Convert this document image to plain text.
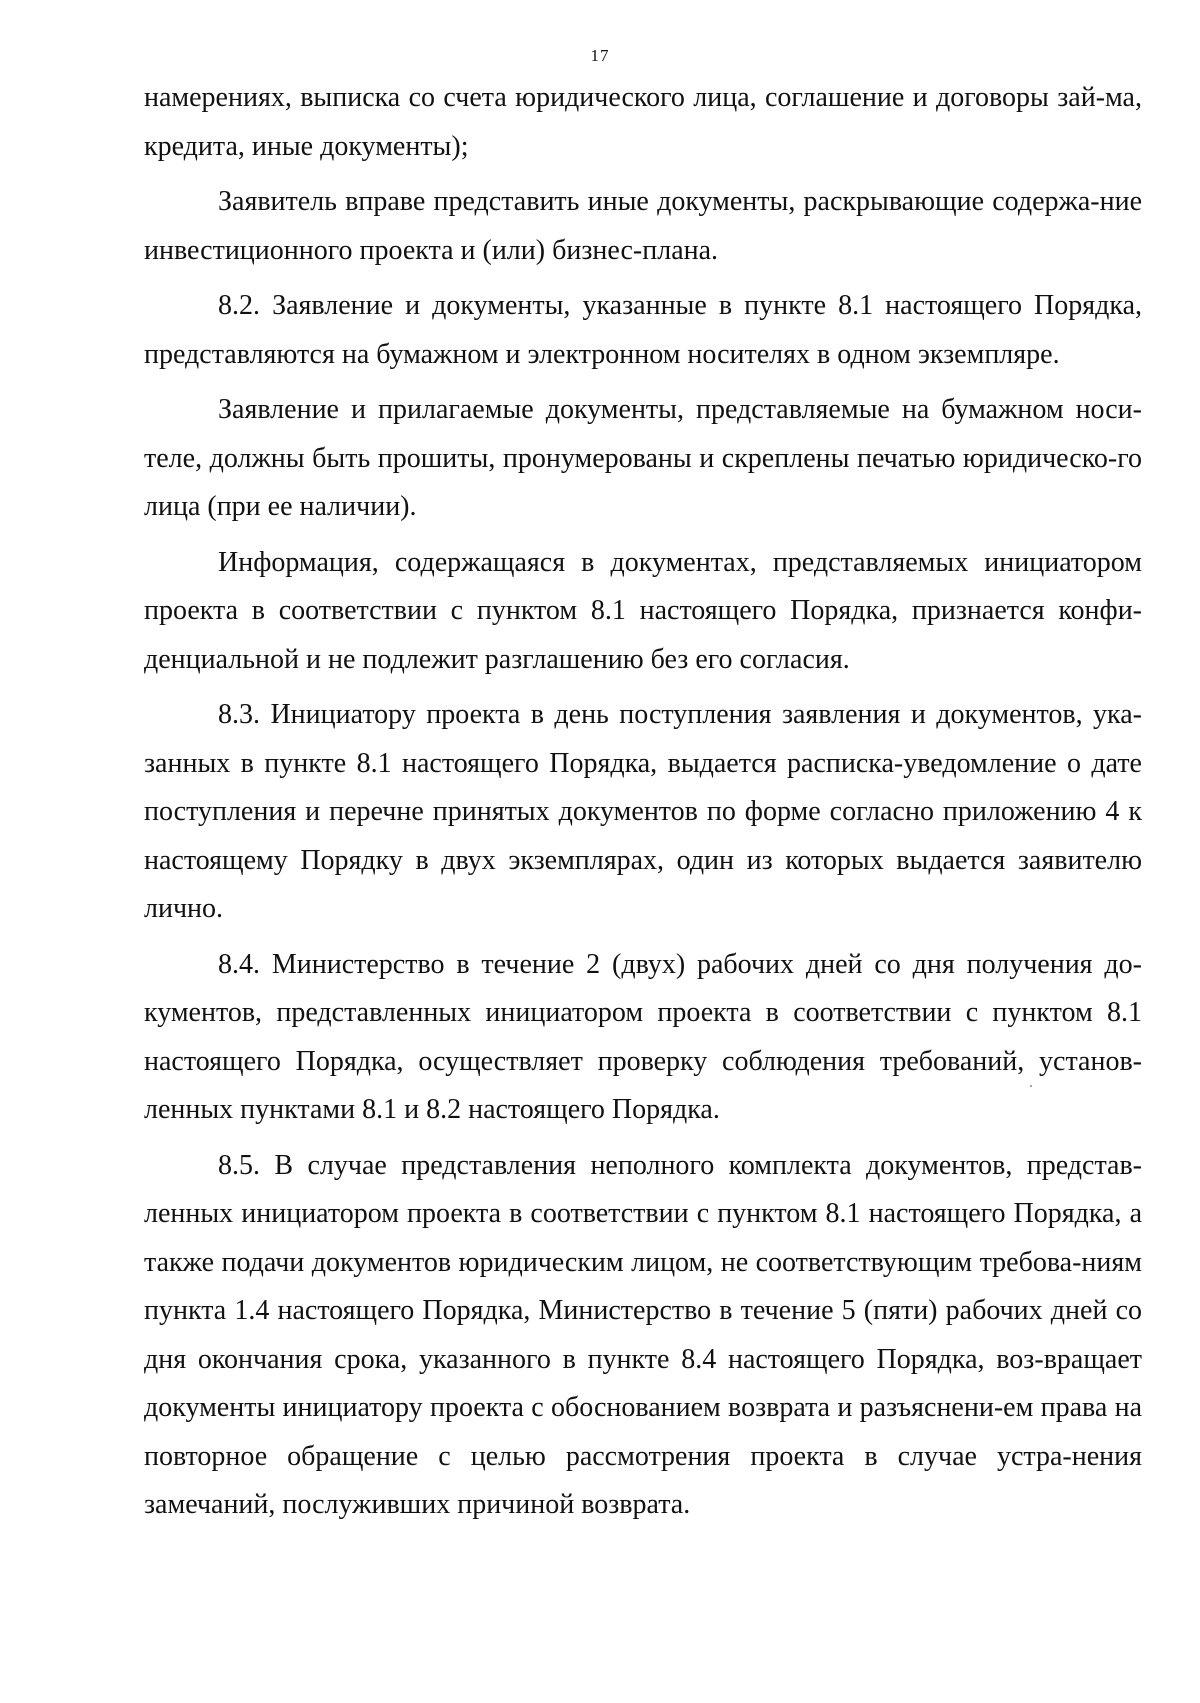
17

намерениях, выписка со счета юридического лица, соглашение и договоры зай-ма, кредита, иные документы);

Заявитель вправе представить иные документы, раскрывающие содержа-ние инвестиционного проекта и (или) бизнес-плана.

8.2. Заявление и документы, указанные в пункте 8.1 настоящего Порядка, представляются на бумажном и электронном носителях в одном экземпляре.

Заявление и прилагаемые документы, представляемые на бумажном носи-теле, должны быть прошиты, пронумерованы и скреплены печатью юридическо-го лица (при ее наличии).

Информация, содержащаяся в документах, представляемых инициатором проекта в соответствии с пунктом 8.1 настоящего Порядка, признается конфи-денциальной и не подлежит разглашению без его согласия.

8.3. Инициатору проекта в день поступления заявления и документов, ука-занных в пункте 8.1 настоящего Порядка, выдается расписка-уведомление о дате поступления и перечне принятых документов по форме согласно приложению 4 к настоящему Порядку в двух экземплярах, один из которых выдается заявителю лично.

8.4. Министерство в течение 2 (двух) рабочих дней со дня получения до-кументов, представленных инициатором проекта в соответствии с пунктом 8.1 настоящего Порядка, осуществляет проверку соблюдения требований, установ-ленных пунктами 8.1 и 8.2 настоящего Порядка.

8.5. В случае представления неполного комплекта документов, представ-ленных инициатором проекта в соответствии с пунктом 8.1 настоящего Порядка, а также подачи документов юридическим лицом, не соответствующим требова-ниям пункта 1.4 настоящего Порядка, Министерство в течение 5 (пяти) рабочих дней со дня окончания срока, указанного в пункте 8.4 настоящего Порядка, воз-вращает документы инициатору проекта с обоснованием возврата и разъяснени-ем права на повторное обращение с целью рассмотрения проекта в случае устра-нения замечаний, послуживших причиной возврата.
